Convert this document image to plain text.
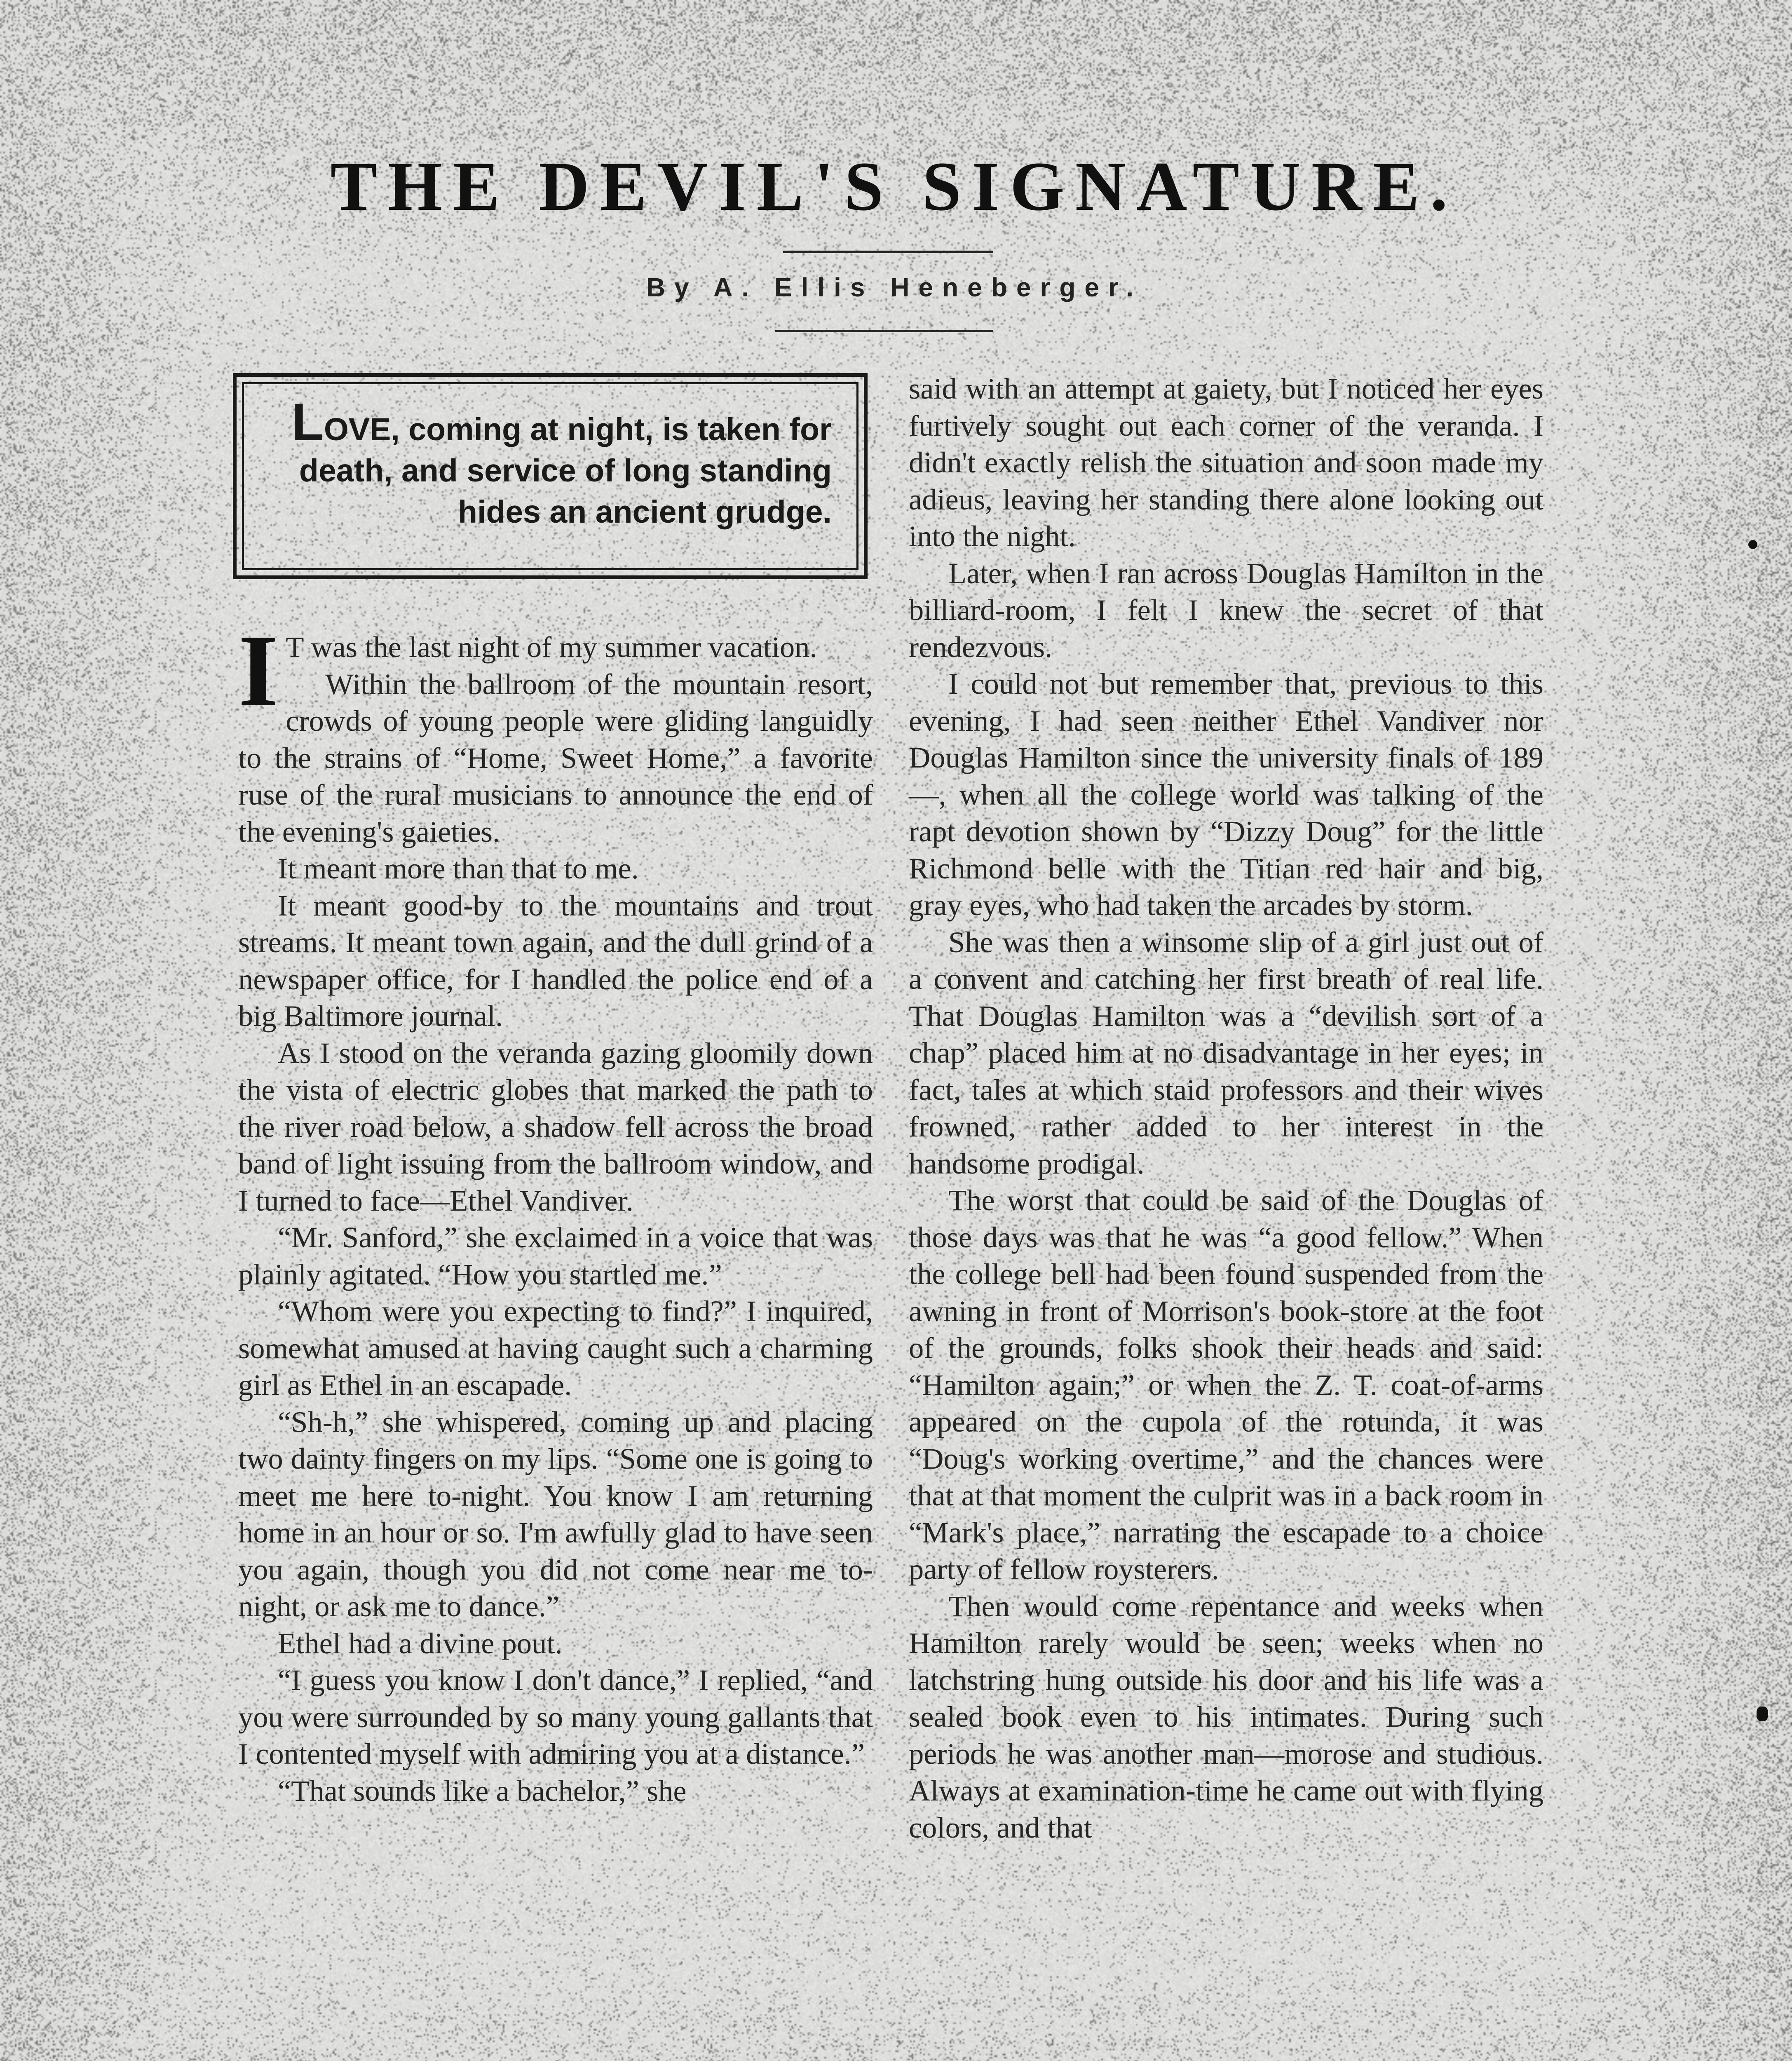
THE DEVIL'S SIGNATURE.
By A. Ellis Heneberger.
LOVE, coming at night, is taken for death, and service of long standing hides an ancient grudge.

I T was the last night of my summer vacation.

Within the ballroom of the mountain resort, crowds of young people were gliding languidly to the strains of “Home, Sweet Home,” a favorite ruse of the rural musicians to announce the end of the evening's gaieties.

It meant more than that to me.

It meant good-by to the mountains and trout streams. It meant town again, and the dull grind of a newspaper office, for I handled the police end of a big Baltimore journal.

As I stood on the veranda gazing gloomily down the vista of electric globes that marked the path to the river road below, a shadow fell across the broad band of light issuing from the ballroom window, and I turned to face—Ethel Vandiver.

“Mr. Sanford,” she exclaimed in a voice that was plainly agitated. “How you startled me.”

“Whom were you expecting to find?” I inquired, somewhat amused at having caught such a charming girl as Ethel in an escapade.

“Sh-h,” she whispered, coming up and placing two dainty fingers on my lips. “Some one is going to meet me here to-night. You know I am returning home in an hour or so. I'm awfully glad to have seen you again, though you did not come near me to-night, or ask me to dance.”

Ethel had a divine pout.

“I guess you know I don't dance,” I replied, “and you were surrounded by so many young gallants that I contented myself with admiring you at a distance.”

“That sounds like a bachelor,” she

said with an attempt at gaiety, but I noticed her eyes furtively sought out each corner of the veranda. I didn't exactly relish the situation and soon made my adieus, leaving her standing there alone looking out into the night.

Later, when I ran across Douglas Hamilton in the billiard-room, I felt I knew the secret of that rendezvous.

I could not but remember that, previous to this evening, I had seen neither Ethel Vandiver nor Douglas Hamilton since the university finals of 189—, when all the college world was talking of the rapt devotion shown by “Dizzy Doug” for the little Richmond belle with the Titian red hair and big, gray eyes, who had taken the arcades by storm.

She was then a winsome slip of a girl just out of a convent and catching her first breath of real life. That Douglas Hamilton was a “devilish sort of a chap” placed him at no disadvantage in her eyes; in fact, tales at which staid professors and their wives frowned, rather added to her interest in the handsome prodigal.

The worst that could be said of the Douglas of those days was that he was “a good fellow.” When the college bell had been found suspended from the awning in front of Morrison's book-store at the foot of the grounds, folks shook their heads and said: “Hamilton again;” or when the Z. T. coat-of-arms appeared on the cupola of the rotunda, it was “Doug's working overtime,” and the chances were that at that moment the culprit was in a back room in “Mark's place,” narrating the escapade to a choice party of fellow roysterers.

Then would come repentance and weeks when Hamilton rarely would be seen; weeks when no latchstring hung outside his door and his life was a sealed book even to his intimates. During such periods he was another man—morose and studious. Always at examination-time he came out with flying colors, and that
